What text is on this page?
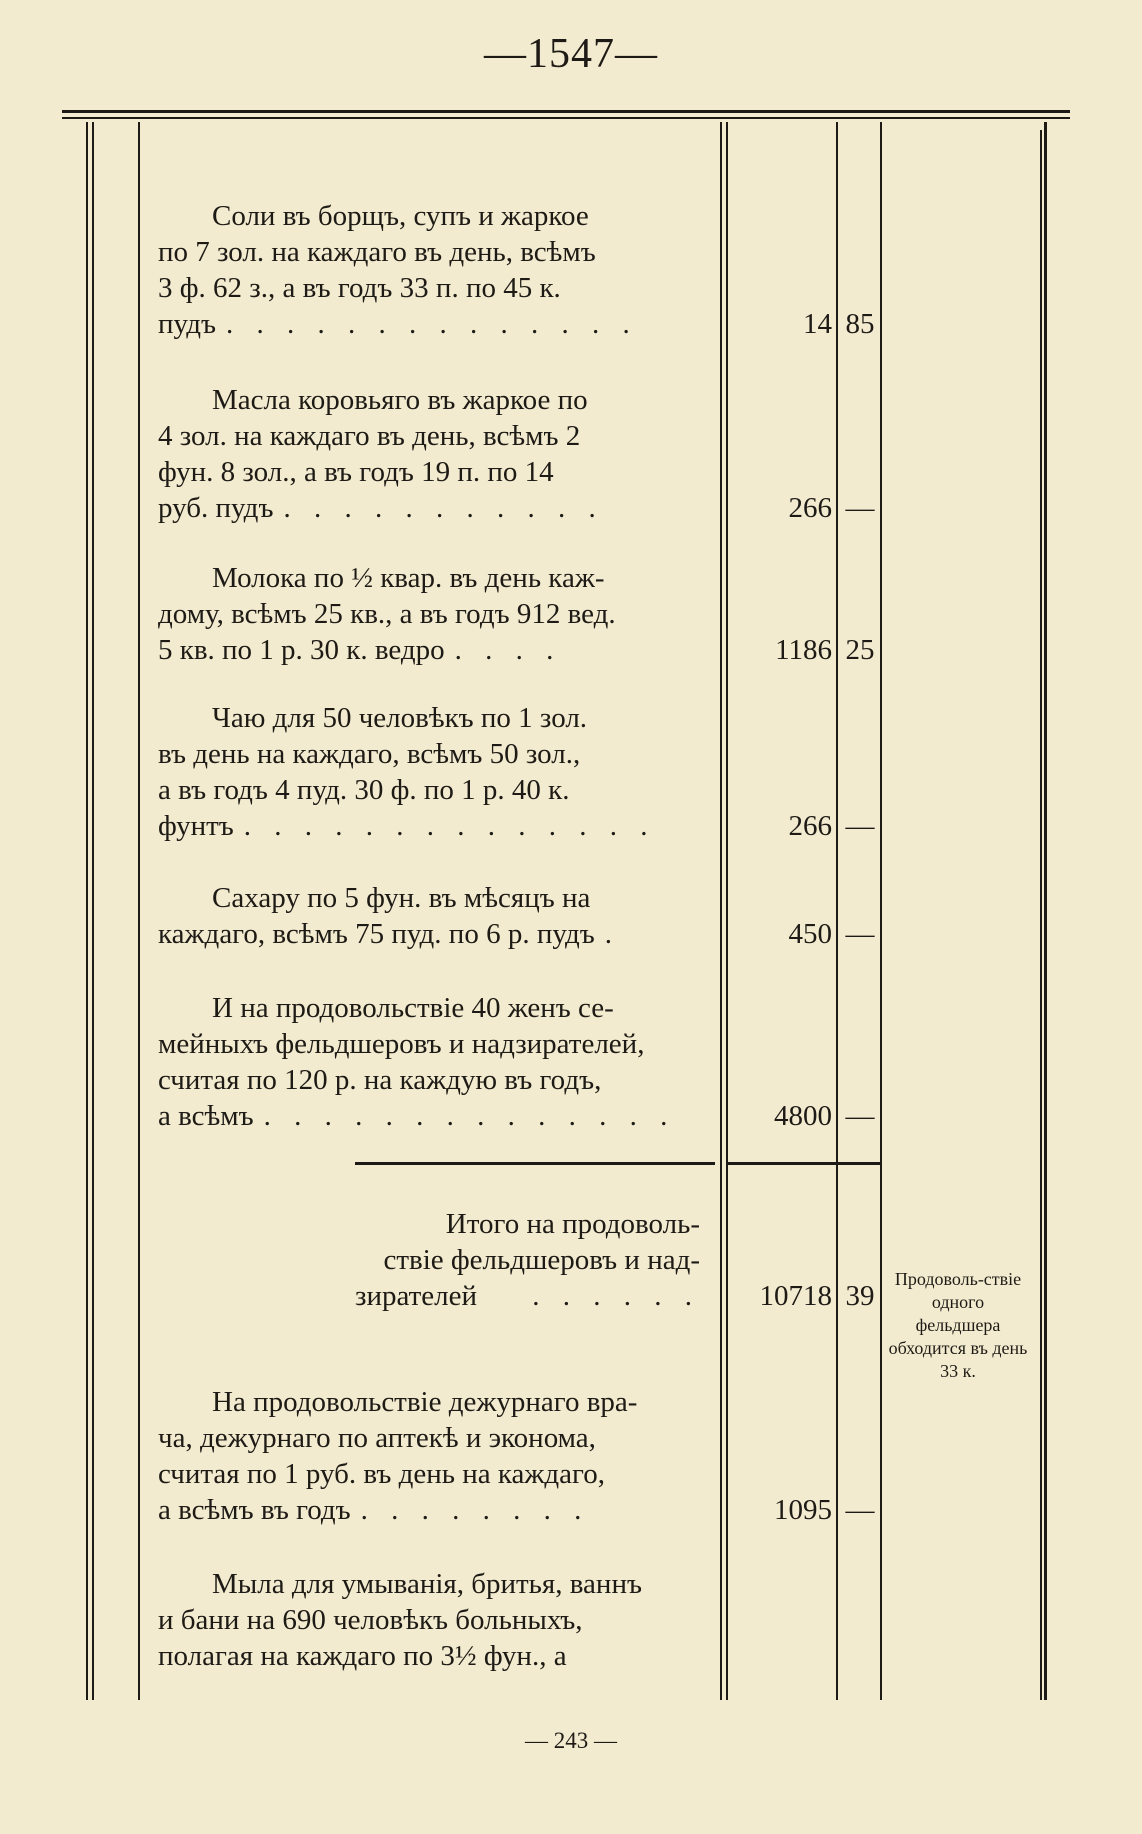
—1547—
Соли въ борщъ, супъ и жаркое
по 7 зол. на каждаго въ день, всѣмъ
3 ф. 62 з., а въ годъ 33 п. по 45 к.
пудъ . . . . . . . . . . . . . .	14 85
Масла коровьяго въ жаркое по
4 зол. на каждаго въ день, всѣмъ 2
фун. 8 зол., а въ годъ 19 п. по 14
руб. пудъ . . . . . . . . . . .	266 —
Молока по ½ квар. въ день каж-
дому, всѣмъ 25 кв., а въ годъ 912 вед.
5 кв. по 1 р. 30 к. ведро . . . .	1186 25
Чаю для 50 человѣкъ по 1 зол.
въ день на каждаго, всѣмъ 50 зол.,
а въ годъ 4 пуд. 30 ф. по 1 р. 40 к.
фунтъ . . . . . . . . . . . . . .	266 —
Сахару по 5 фун. въ мѣсяцъ на
каждаго, всѣмъ 75 пуд. по 6 р. пудъ .	450 —
И на продовольствіе 40 женъ се-
мейныхъ фельдшеровъ и надзирателей,
считая по 120 р. на каждую въ годъ,
а всѣмъ . . . . . . . . . . . . . .	4800 —
Итого на продоволь-
ствіе фельдшеровъ и над-
зирателей	. . . . . .	10718 39
Продоволь-ствіе одного фельдшера обходится въ день 33 к.
На продовольствіе дежурнаго вра-
ча, дежурнаго по аптекѣ и эконома,
считая по 1 руб. въ день на каждаго,
а всѣмъ въ годъ . . . . . . . .	1095 —
Мыла для умыванія, бритья, ваннъ
и бани на 690 человѣкъ больныхъ,
полагая на каждаго по 3½ фун., а
— 243 —
